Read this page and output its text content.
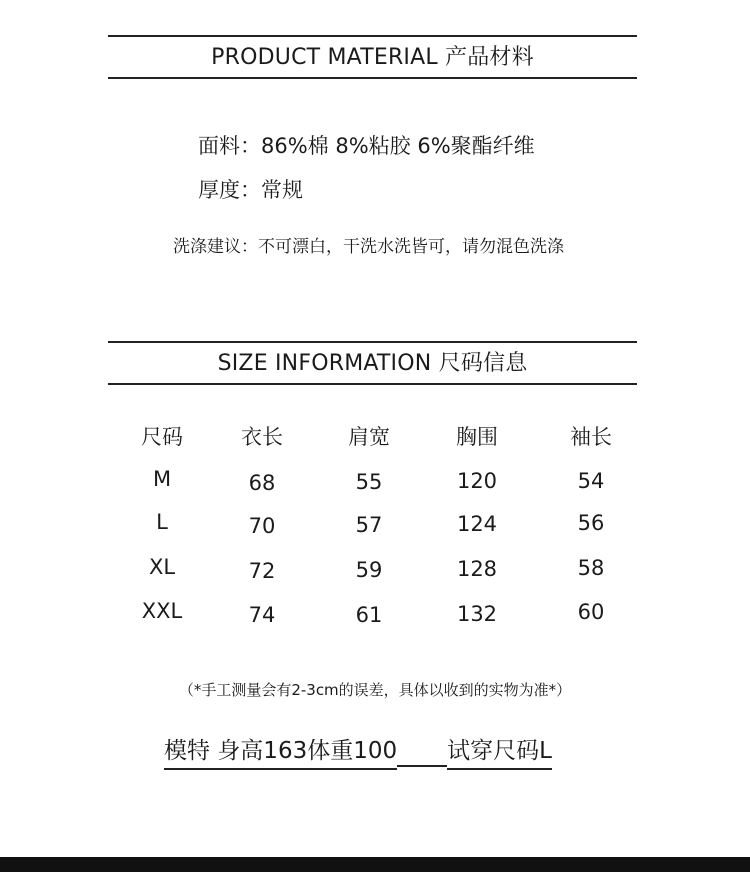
PRODUCT MATERIAL 产品材料
面料：86%棉 8%粘胶 6%聚酯纤维
厚度：常规
洗涤建议：不可漂白，干洗水洗皆可，请勿混色洗涤
SIZE INFORMATION 尺码信息
尺码	衣长	肩宽	胸围	袖长
M	68	55	120	54
L	70	57	124	56
XL	72	59	128	58
XXL	74	61	132	60
（*手工测量会有2-3cm的误差，具体以收到的实物为准*）
模特 身高163体重100 试穿尺码L
